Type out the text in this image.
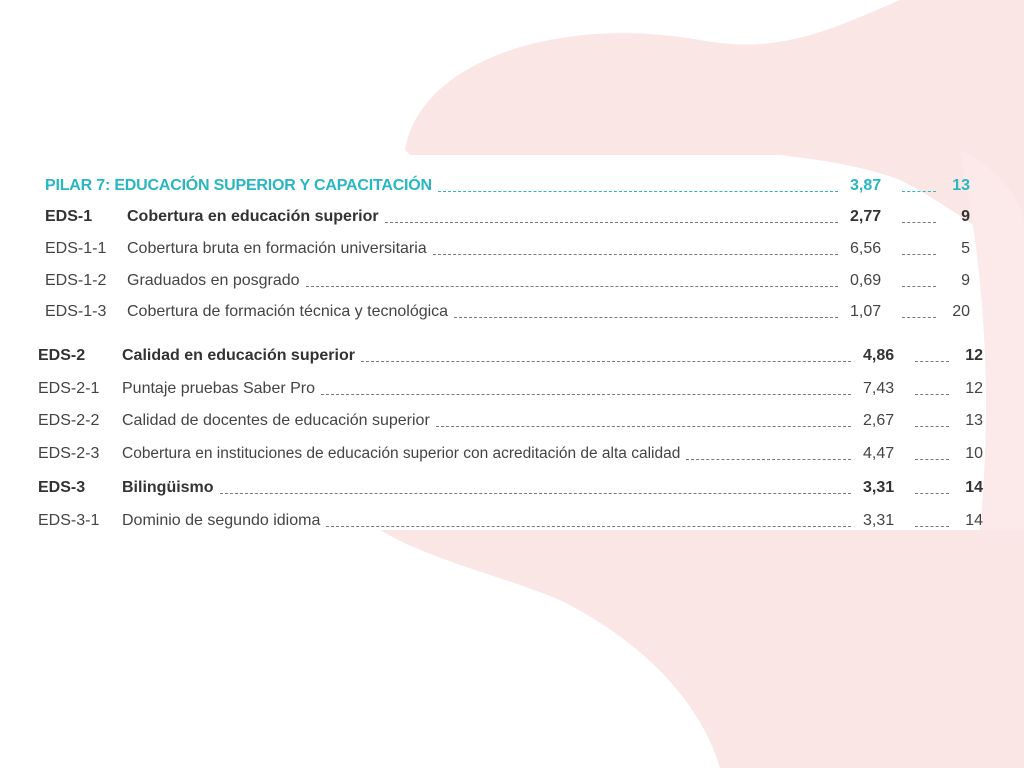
PILAR 7: EDUCACIÓN SUPERIOR Y CAPACITACIÓN	3,87	13
EDS-1	Cobertura en educación superior	2,77	9
EDS-1-1	Cobertura bruta en formación universitaria	6,56	5
EDS-1-2	Graduados en posgrado	0,69	9
EDS-1-3	Cobertura de formación técnica y tecnológica	1,07	20
EDS-2	Calidad en educación superior	4,86	12
EDS-2-1	Puntaje pruebas Saber Pro	7,43	12
EDS-2-2	Calidad de docentes de educación superior	2,67	13
EDS-2-3	Cobertura en instituciones de educación superior con acreditación de alta calidad	4,47	10
EDS-3	Bilingüismo	3,31	14
EDS-3-1	Dominio de segundo idioma	3,31	14
